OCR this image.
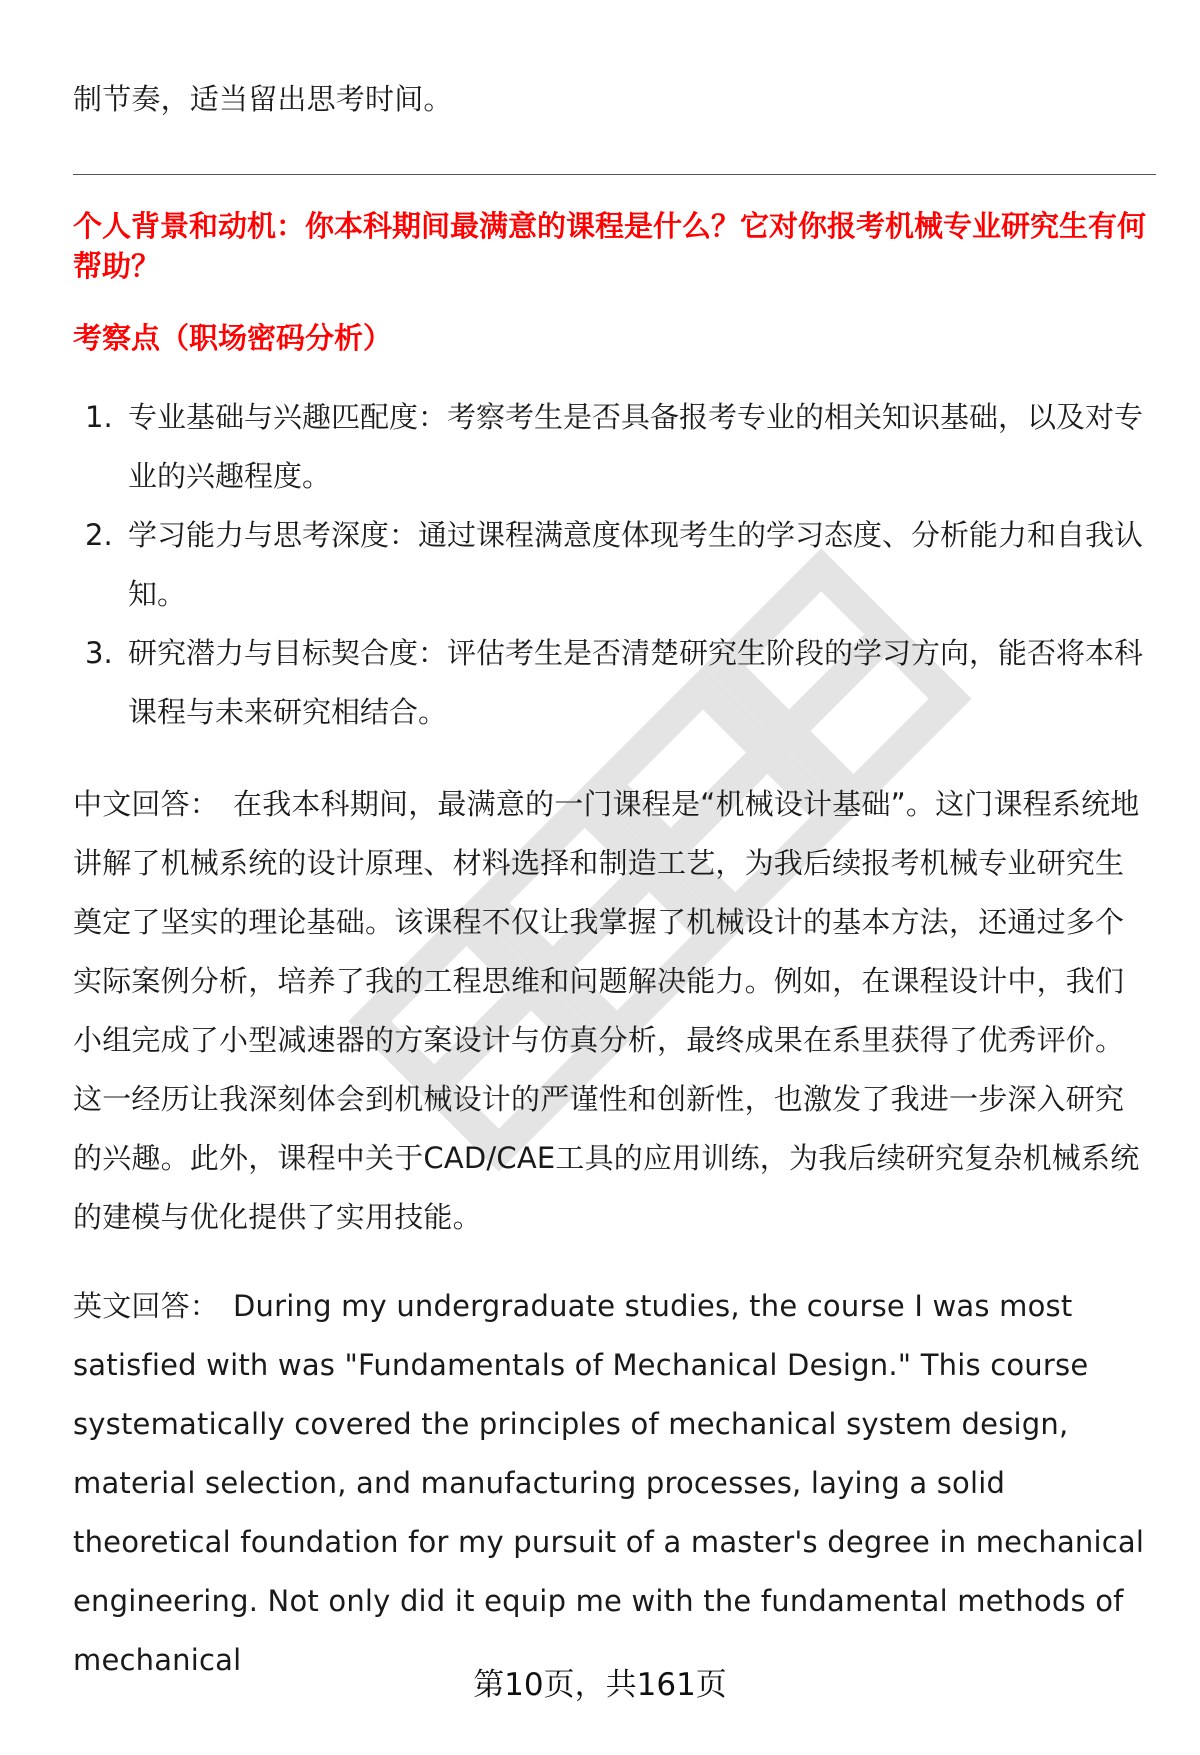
制节奏，适当留出思考时间。
个人背景和动机：你本科期间最满意的课程是什么？它对你报考机械专业研究生有何帮助？
考察点（职场密码分析）
1. 专业基础与兴趣匹配度：考察考生是否具备报考专业的相关知识基础，以及对专业的兴趣程度。
2. 学习能力与思考深度：通过课程满意度体现考生的学习态度、分析能力和自我认知。
3. 研究潜力与目标契合度：评估考生是否清楚研究生阶段的学习方向，能否将本科课程与未来研究相结合。
中文回答： 在我本科期间，最满意的一门课程是“机械设计基础”。这门课程系统地讲解了机械系统的设计原理、材料选择和制造工艺，为我后续报考机械专业研究生奠定了坚实的理论基础。该课程不仅让我掌握了机械设计的基本方法，还通过多个实际案例分析，培养了我的工程思维和问题解决能力。例如，在课程设计中，我们小组完成了小型减速器的方案设计与仿真分析，最终成果在系里获得了优秀评价。这一经历让我深刻体会到机械设计的严谨性和创新性，也激发了我进一步深入研究的兴趣。此外，课程中关于CAD/CAE工具的应用训练，为我后续研究复杂机械系统的建模与优化提供了实用技能。
英文回答： During my undergraduate studies, the course I was most satisfied with was "Fundamentals of Mechanical Design." This course systematically covered the principles of mechanical system design, material selection, and manufacturing processes, laying a solid theoretical foundation for my pursuit of a master's degree in mechanical engineering. Not only did it equip me with the fundamental methods of mechanical
第10页，共161页
